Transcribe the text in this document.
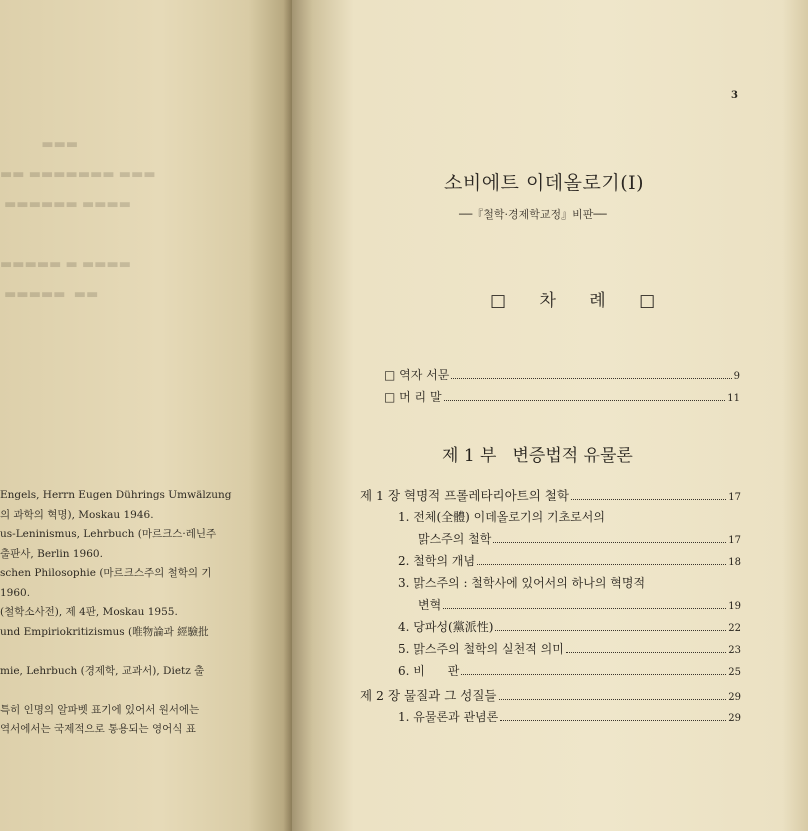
▬▬▬
▬▬ ▬▬▬▬▬▬▬ ▬▬▬
▬▬▬▬▬▬ ▬▬▬▬

▬▬▬▬▬ ▬ ▬▬▬▬
▬▬▬▬▬  ▬▬
Engels, Herrn Eugen Dührings Umwälzung
의 과학의 혁명), Moskau 1946.
us-Leninismus, Lehrbuch (마르크스·레닌주
출판사, Berlin 1960.
schen Philosophie (마르크스주의 철학의 기
1960.
(철학소사전), 제 4판, Moskau 1955.
und Empiriokritizismus (唯物論과 經驗批
mie, Lehrbuch (경제학, 교과서), Dietz 출
특히 인명의 알파벳 표기에 있어서 원서에는
역서에서는 국제적으로 통용되는 영어식 표
3
소비에트 이데올로기(Ⅰ)
──『철학·경제학교정』비판──
□ 차 례 □
□ 역자 서문	9
□ 머 리 말	11
제 1 부 변증법적 유물론
제 1 장 혁명적 프롤레타리아트의 철학	17
1. 전체(全體) 이데올로기의 기초로서의
맑스주의 철학	17
2. 철학의 개념	18
3. 맑스주의 : 철학사에 있어서의 하나의 혁명적
변혁	19
4. 당파성(黨派性)	22
5. 맑스주의 철학의 실천적 의미	23
6. 비      판	25
제 2 장 물질과 그 성질들	29
1. 유물론과 관념론	29
